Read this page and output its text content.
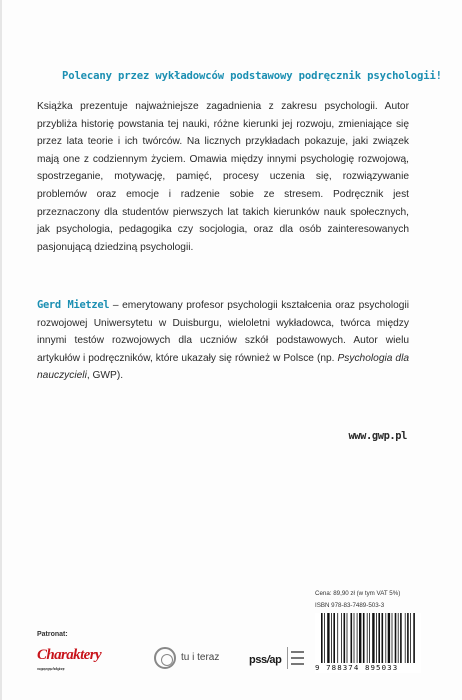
Polecany przez wykładowców podstawowy podręcznik psychologii!
Książka prezentuje najważniejsze zagadnienia z zakresu psychologii. Autor przybliża historię powstania tej nauki, różne kierunki jej rozwoju, zmieniające się przez lata teorie i ich twórców. Na licznych przykładach pokazuje, jaki związek mają one z codziennym życiem. Omawia między innymi psychologię rozwojową, spostrzeganie, motywację, pamięć, procesy uczenia się, rozwiązywanie problemów oraz emocje i radzenie sobie ze stresem. Podręcznik jest przeznaczony dla studentów pierwszych lat takich kierunków nauk społecznych, jak psychologia, pedagogika czy socjologia, oraz dla osób zainteresowanych pasjonującą dziedziną psychologii.
Gerd Mietzel – emerytowany profesor psychologii kształcenia oraz psychologii rozwojowej Uniwersytetu w Duisburgu, wieloletni wykładowca, twórca między innymi testów rozwojowych dla uczniów szkół podstawowych. Autor wielu artykułów i podręczników, które ukazały się również w Polsce (np. Psychologia dla nauczycieli, GWP).
www.gwp.pl
Cena: 89,90 zł (w tym VAT 5%)
ISBN 978-83-7489-503-3
9 788374 895033
Patronat:
Charaktery
magazyn psychologiczny
tu i teraz	pss/ap
